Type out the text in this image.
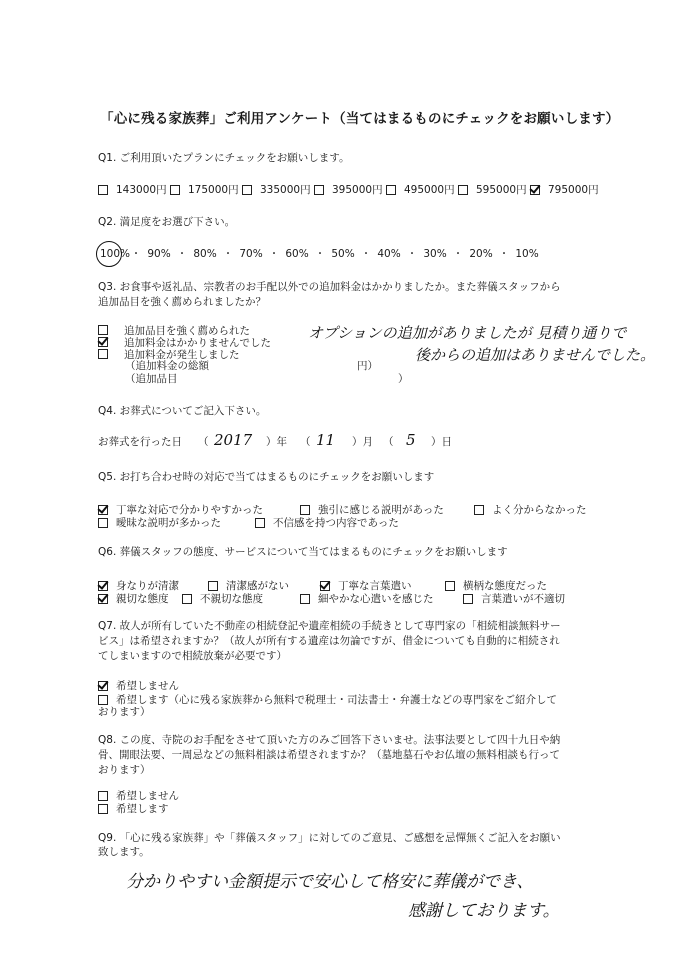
「心に残る家族葬」ご利用アンケート（当てはまるものにチェックをお願いします）
Q1. ご利用頂いたプランにチェックをお願いします。
143000円 175000円 335000円 395000円 495000円 595000円 795000円
Q2. 満足度をお選び下さい。
100% ・ 90% ・ 80% ・ 70% ・ 60% ・ 50% ・ 40% ・ 30% ・ 20% ・ 10%
Q3. お食事や返礼品、宗教者のお手配以外での追加料金はかかりましたか。また葬儀スタッフから
追加品目を強く薦められましたか？
追加品目を強く薦められた
追加料金はかかりませんでした
追加料金が発生しました
（追加料金の総額	円）
（追加品目	）
オプションの追加がありましたが 見積り通りで
後からの追加はありませんでした。
Q4. お葬式についてご記入下さい。
お葬式を行った日 （ 2017 ）年 （ 11 ）月 （ 5 ）日
Q5. お打ち合わせ時の対応で当てはまるものにチェックをお願いします
丁寧な対応で分かりやすかった	強引に感じる説明があった	よく分からなかった
曖昧な説明が多かった	不信感を持つ内容であった
Q6. 葬儀スタッフの態度、サービスについて当てはまるものにチェックをお願いします
身なりが清潔	清潔感がない	丁寧な言葉遣い	横柄な態度だった
親切な態度	不親切な態度	細やかな心遣いを感じた	言葉遣いが不適切
Q7. 故人が所有していた不動産の相続登記や遺産相続の手続きとして専門家の「相続相談無料サー
ビス」は希望されますか？（故人が所有する遺産は勿論ですが、借金についても自動的に相続され
てしまいますので相続放棄が必要です）
希望しません
希望します（心に残る家族葬から無料で税理士・司法書士・弁護士などの専門家をご紹介して
おります）
Q8. この度、寺院のお手配をさせて頂いた方のみご回答下さいませ。法事法要として四十九日や納
骨、開眼法要、一周忌などの無料相談は希望されますか？（墓地墓石やお仏壇の無料相談も行って
おります）
希望しません
希望します
Q9. 「心に残る家族葬」や「葬儀スタッフ」に対してのご意見、ご感想を忌憚無くご記入をお願い
致します。
分かりやすい金額提示で安心して格安に葬儀ができ、
感謝しております。
